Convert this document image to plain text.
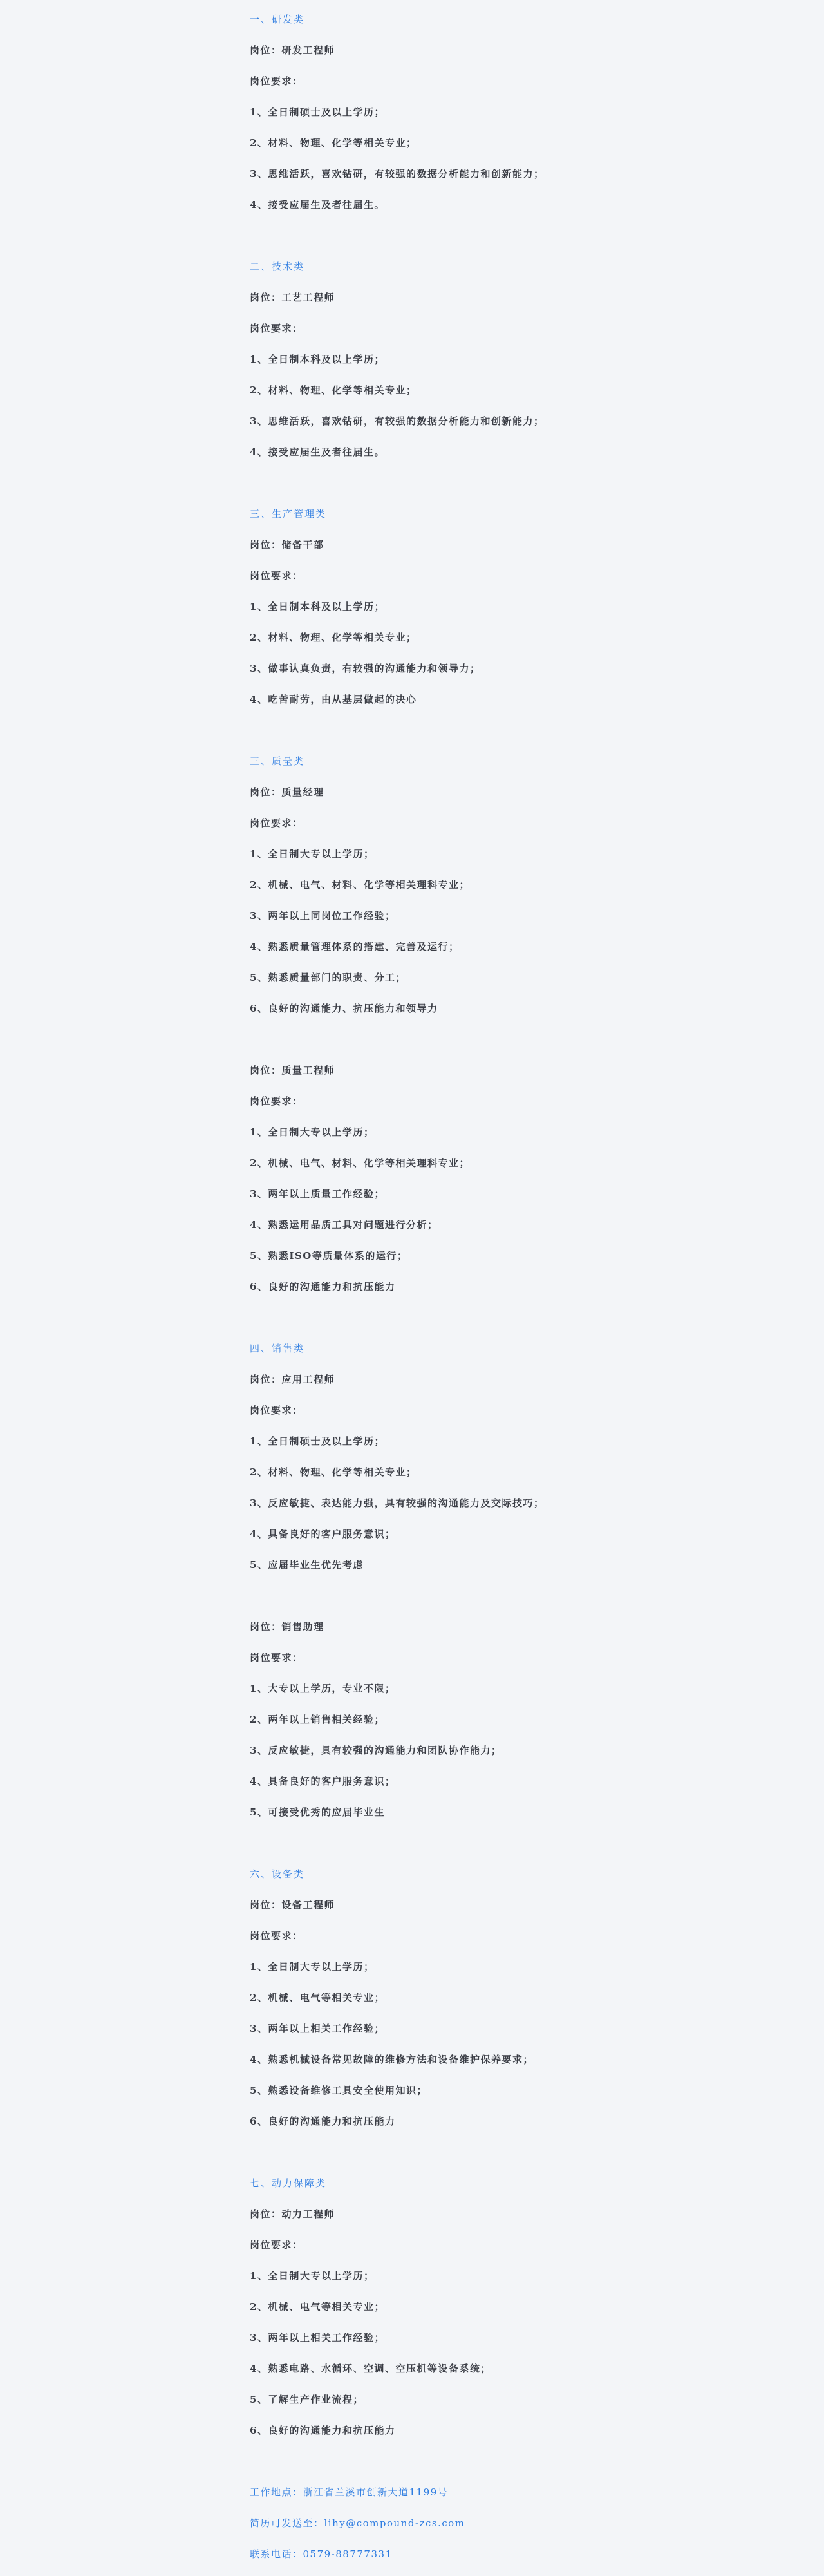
一、研发类
岗位：研发工程师
岗位要求：
1、全日制硕士及以上学历；
2、材料、物理、化学等相关专业；
3、思维活跃，喜欢钻研，有较强的数据分析能力和创新能力；
4、接受应届生及者往届生。
二、技术类
岗位：工艺工程师
岗位要求：
1、全日制本科及以上学历；
2、材料、物理、化学等相关专业；
3、思维活跃，喜欢钻研，有较强的数据分析能力和创新能力；
4、接受应届生及者往届生。
三、生产管理类
岗位：储备干部
岗位要求：
1、全日制本科及以上学历；
2、材料、物理、化学等相关专业；
3、做事认真负责，有较强的沟通能力和领导力；
4、吃苦耐劳，由从基层做起的决心
三、质量类
岗位：质量经理
岗位要求：
1、全日制大专以上学历；
2、机械、电气、材料、化学等相关理科专业；
3、两年以上同岗位工作经验；
4、熟悉质量管理体系的搭建、完善及运行；
5、熟悉质量部门的职责、分工；
6、良好的沟通能力、抗压能力和领导力
岗位：质量工程师
岗位要求：
1、全日制大专以上学历；
2、机械、电气、材料、化学等相关理科专业；
3、两年以上质量工作经验；
4、熟悉运用品质工具对问题进行分析；
5、熟悉ISO等质量体系的运行；
6、良好的沟通能力和抗压能力
四、销售类
岗位：应用工程师
岗位要求：
1、全日制硕士及以上学历；
2、材料、物理、化学等相关专业；
3、反应敏捷、表达能力强，具有较强的沟通能力及交际技巧；
4、具备良好的客户服务意识；
5、应届毕业生优先考虑
岗位：销售助理
岗位要求：
1、大专以上学历，专业不限；
2、两年以上销售相关经验；
3、反应敏捷，具有较强的沟通能力和团队协作能力；
4、具备良好的客户服务意识；
5、可接受优秀的应届毕业生
六、设备类
岗位：设备工程师
岗位要求：
1、全日制大专以上学历；
2、机械、电气等相关专业；
3、两年以上相关工作经验；
4、熟悉机械设备常见故障的维修方法和设备维护保养要求；
5、熟悉设备维修工具安全使用知识；
6、良好的沟通能力和抗压能力
七、动力保障类
岗位：动力工程师
岗位要求：
1、全日制大专以上学历；
2、机械、电气等相关专业；
3、两年以上相关工作经验；
4、熟悉电路、水循环、空调、空压机等设备系统；
5、了解生产作业流程；
6、良好的沟通能力和抗压能力
工作地点：浙江省兰溪市创新大道1199号
简历可发送至：lihy@compound-zcs.com
联系电话：0579-88777331
